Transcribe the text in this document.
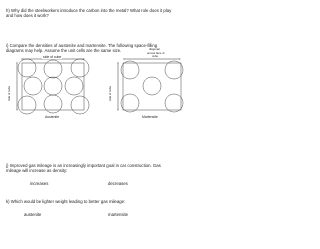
h) Why did the steelworkers introduce the carbon into the metal? What role does it play
and how does it work?
i) Compare the densities of austenite and martensite. The following space-filling
diagrams may help. Assume the unit cells are the same size.
side of cube
side of cube
Austenite
diagonal
across face of
cube
side of cube
Martensite
j) Improved gas mileage is an increasingly important goal in car construction. Gas
mileage will increase as density:
increases	decreases
k) Which would be lighter weight leading to better gas mileage:
austenite	martensite
